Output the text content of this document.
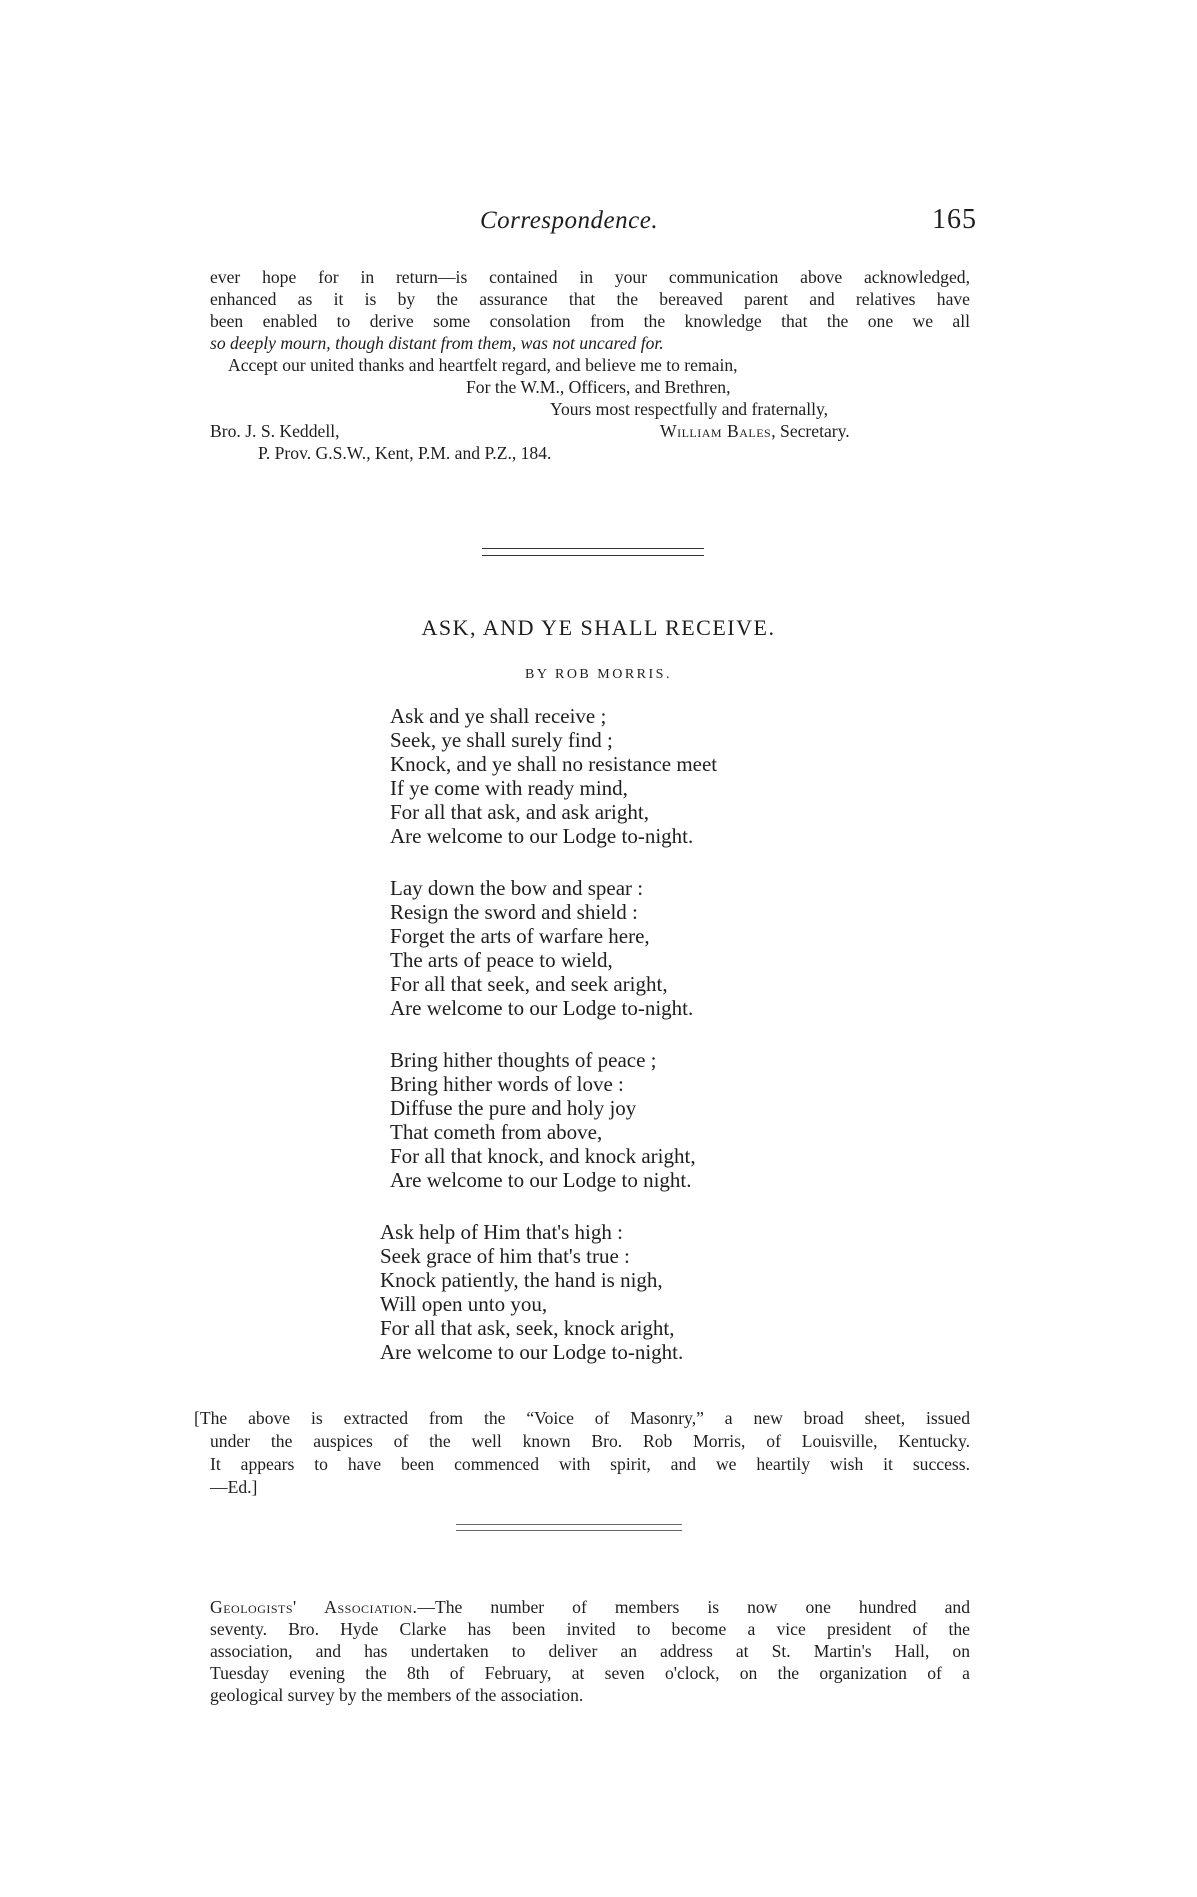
Correspondence.	165
ever hope for in return—is contained in your communication above acknowledged,
enhanced as it is by the assurance that the bereaved parent and relatives have
been enabled to derive some consolation from the knowledge that the one we all
so deeply mourn, though distant from them, was not uncared for.
Accept our united thanks and heartfelt regard, and believe me to remain,
For the W.M., Officers, and Brethren,
Yours most respectfully and fraternally,
Bro. J. S. Keddell,	William Bales, Secretary.
P. Prov. G.S.W., Kent, P.M. and P.Z., 184.
ASK, AND YE SHALL RECEIVE.
BY ROB MORRIS.
Ask and ye shall receive ;
Seek, ye shall surely find ;
Knock, and ye shall no resistance meet
If ye come with ready mind,
For all that ask, and ask aright,
Are welcome to our Lodge to-night.
Lay down the bow and spear :
Resign the sword and shield :
Forget the arts of warfare here,
The arts of peace to wield,
For all that seek, and seek aright,
Are welcome to our Lodge to-night.
Bring hither thoughts of peace ;
Bring hither words of love :
Diffuse the pure and holy joy
That cometh from above,
For all that knock, and knock aright,
Are welcome to our Lodge to night.
Ask help of Him that's high :
Seek grace of him that's true :
Knock patiently, the hand is nigh,
Will open unto you,
For all that ask, seek, knock aright,
Are welcome to our Lodge to-night.
[The above is extracted from the “Voice of Masonry,” a new broad sheet, issued
under the auspices of the well known Bro. Rob Morris, of Louisville, Kentucky.
It appears to have been commenced with spirit, and we heartily wish it success.
—Ed.]
Geologists' Association.—The number of members is now one hundred and
seventy. Bro. Hyde Clarke has been invited to become a vice president of the
association, and has undertaken to deliver an address at St. Martin's Hall, on
Tuesday evening the 8th of February, at seven o'clock, on the organization of a
geological survey by the members of the association.
